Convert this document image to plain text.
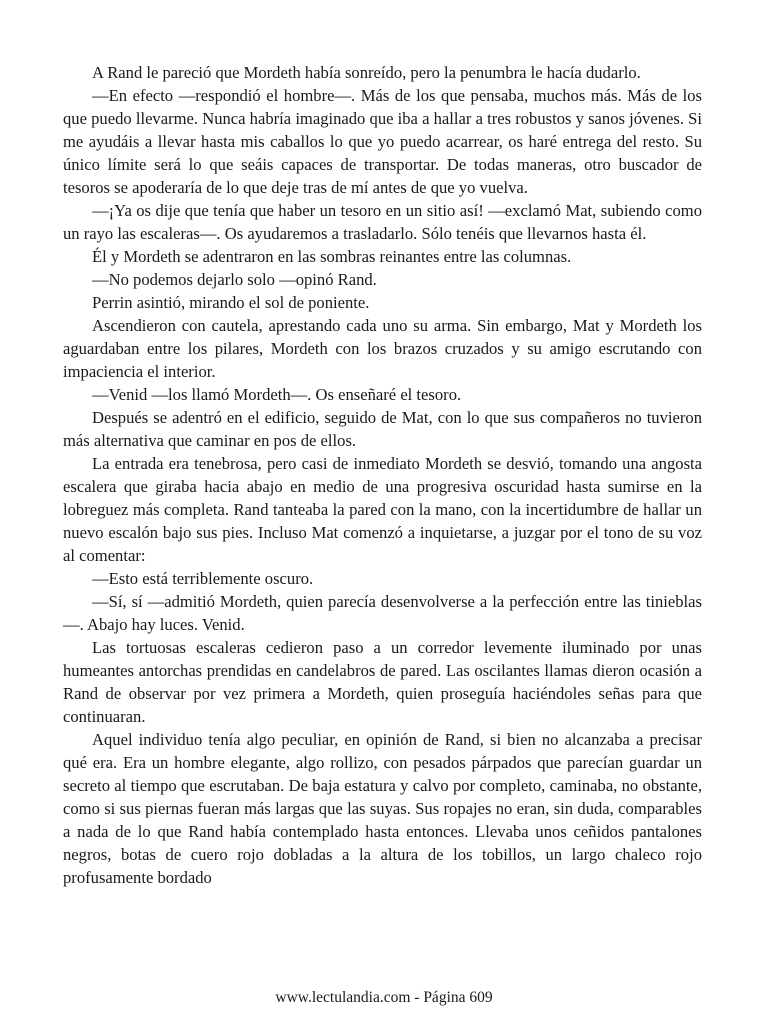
A Rand le pareció que Mordeth había sonreído, pero la penumbra le hacía dudarlo.

—En efecto —respondió el hombre—. Más de los que pensaba, muchos más. Más de los que puedo llevarme. Nunca habría imaginado que iba a hallar a tres robustos y sanos jóvenes. Si me ayudáis a llevar hasta mis caballos lo que yo puedo acarrear, os haré entrega del resto. Su único límite será lo que seáis capaces de transportar. De todas maneras, otro buscador de tesoros se apoderaría de lo que deje tras de mí antes de que yo vuelva.

—¡Ya os dije que tenía que haber un tesoro en un sitio así! —exclamó Mat, subiendo como un rayo las escaleras—. Os ayudaremos a trasladarlo. Sólo tenéis que llevarnos hasta él.

Él y Mordeth se adentraron en las sombras reinantes entre las columnas.

—No podemos dejarlo solo —opinó Rand.

Perrin asintió, mirando el sol de poniente.

Ascendieron con cautela, aprestando cada uno su arma. Sin embargo, Mat y Mordeth los aguardaban entre los pilares, Mordeth con los brazos cruzados y su amigo escrutando con impaciencia el interior.

—Venid —los llamó Mordeth—. Os enseñaré el tesoro.

Después se adentró en el edificio, seguido de Mat, con lo que sus compañeros no tuvieron más alternativa que caminar en pos de ellos.

La entrada era tenebrosa, pero casi de inmediato Mordeth se desvió, tomando una angosta escalera que giraba hacia abajo en medio de una progresiva oscuridad hasta sumirse en la lobreguez más completa. Rand tanteaba la pared con la mano, con la incertidumbre de hallar un nuevo escalón bajo sus pies. Incluso Mat comenzó a inquietarse, a juzgar por el tono de su voz al comentar:

—Esto está terriblemente oscuro.

—Sí, sí —admitió Mordeth, quien parecía desenvolverse a la perfección entre las tinieblas—. Abajo hay luces. Venid.

Las tortuosas escaleras cedieron paso a un corredor levemente iluminado por unas humeantes antorchas prendidas en candelabros de pared. Las oscilantes llamas dieron ocasión a Rand de observar por vez primera a Mordeth, quien proseguía haciéndoles señas para que continuaran.

Aquel individuo tenía algo peculiar, en opinión de Rand, si bien no alcanzaba a precisar qué era. Era un hombre elegante, algo rollizo, con pesados párpados que parecían guardar un secreto al tiempo que escrutaban. De baja estatura y calvo por completo, caminaba, no obstante, como si sus piernas fueran más largas que las suyas. Sus ropajes no eran, sin duda, comparables a nada de lo que Rand había contemplado hasta entonces. Llevaba unos ceñidos pantalones negros, botas de cuero rojo dobladas a la altura de los tobillos, un largo chaleco rojo profusamente bordado

www.lectulandia.com - Página 609
